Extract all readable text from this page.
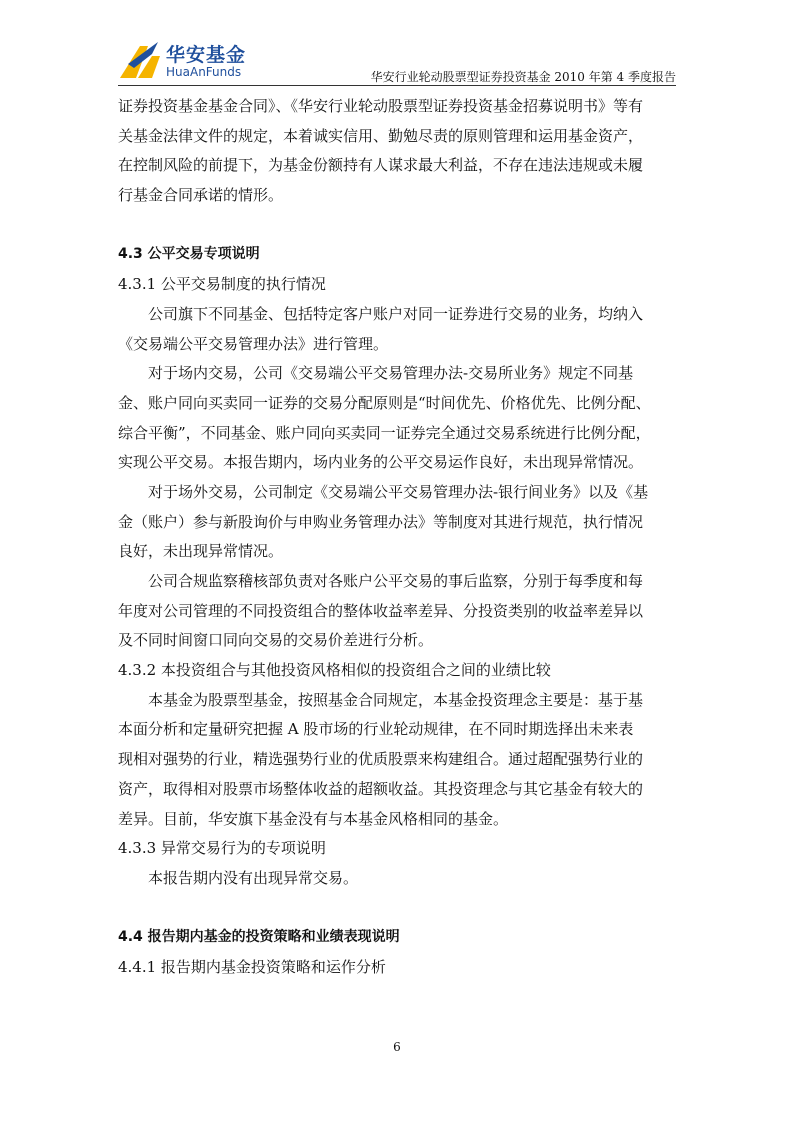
华安基金
HuaAnFunds	华安行业轮动股票型证券投资基金 2010 年第 4 季度报告
证券投资基金基金合同》、《华安行业轮动股票型证券投资基金招募说明书》等有
关基金法律文件的规定，本着诚实信用、勤勉尽责的原则管理和运用基金资产，
在控制风险的前提下，为基金份额持有人谋求最大利益，不存在违法违规或未履
行基金合同承诺的情形。
4.3 公平交易专项说明
4.3.1 公平交易制度的执行情况
公司旗下不同基金、包括特定客户账户对同一证券进行交易的业务，均纳入
《交易端公平交易管理办法》进行管理。
对于场内交易，公司《交易端公平交易管理办法-交易所业务》规定不同基
金、账户同向买卖同一证券的交易分配原则是“时间优先、价格优先、比例分配、
综合平衡”，不同基金、账户同向买卖同一证券完全通过交易系统进行比例分配，
实现公平交易。本报告期内，场内业务的公平交易运作良好，未出现异常情况。
对于场外交易，公司制定《交易端公平交易管理办法-银行间业务》以及《基
金（账户）参与新股询价与申购业务管理办法》等制度对其进行规范，执行情况
良好，未出现异常情况。
公司合规监察稽核部负责对各账户公平交易的事后监察，分别于每季度和每
年度对公司管理的不同投资组合的整体收益率差异、分投资类别的收益率差异以
及不同时间窗口同向交易的交易价差进行分析。
4.3.2 本投资组合与其他投资风格相似的投资组合之间的业绩比较
本基金为股票型基金，按照基金合同规定，本基金投资理念主要是：基于基
本面分析和定量研究把握 A 股市场的行业轮动规律，在不同时期选择出未来表
现相对强势的行业，精选强势行业的优质股票来构建组合。通过超配强势行业的
资产，取得相对股票市场整体收益的超额收益。其投资理念与其它基金有较大的
差异。目前，华安旗下基金没有与本基金风格相同的基金。
4.3.3 异常交易行为的专项说明
本报告期内没有出现异常交易。
4.4 报告期内基金的投资策略和业绩表现说明
4.4.1 报告期内基金投资策略和运作分析
6
